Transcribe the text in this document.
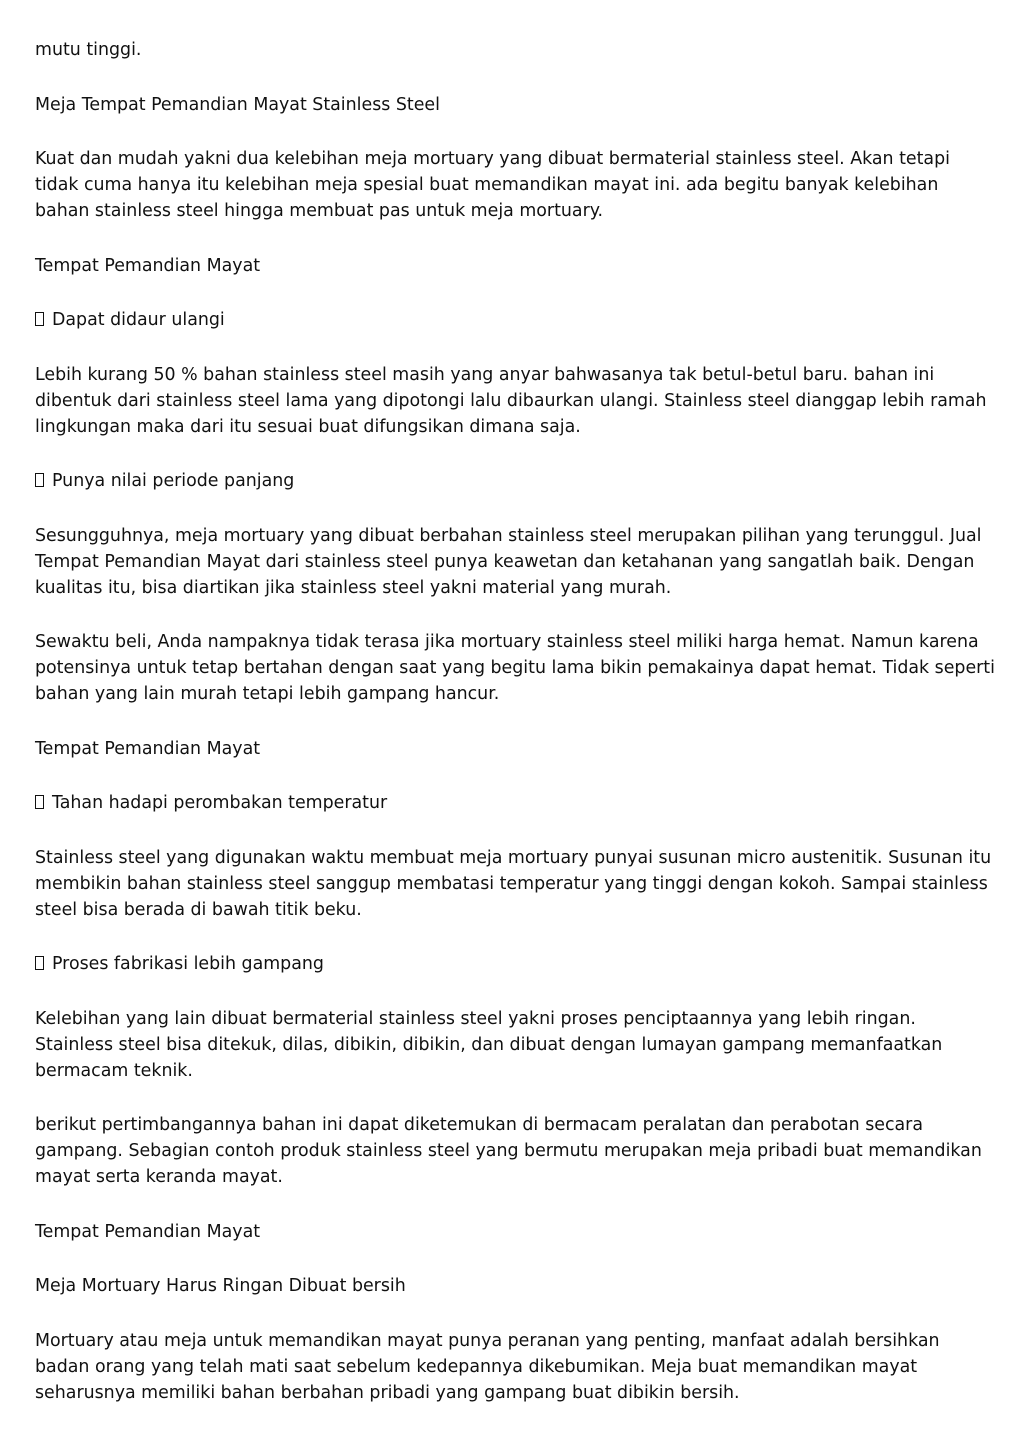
mutu tinggi.

Meja Tempat Pemandian Mayat Stainless Steel

Kuat dan mudah yakni dua kelebihan meja mortuary yang dibuat bermaterial stainless steel. Akan tetapi tidak cuma hanya itu kelebihan meja spesial buat memandikan mayat ini. ada begitu banyak kelebihan bahan stainless steel hingga membuat pas untuk meja mortuary.

Tempat Pemandian Mayat

Dapat didaur ulangi

Lebih kurang 50 % bahan stainless steel masih yang anyar bahwasanya tak betul-betul baru. bahan ini dibentuk dari stainless steel lama yang dipotongi lalu dibaurkan ulangi. Stainless steel dianggap lebih ramah lingkungan maka dari itu sesuai buat difungsikan dimana saja.

Punya nilai periode panjang

Sesungguhnya, meja mortuary yang dibuat berbahan stainless steel merupakan pilihan yang terunggul. Jual Tempat Pemandian Mayat dari stainless steel punya keawetan dan ketahanan yang sangatlah baik. Dengan kualitas itu, bisa diartikan jika stainless steel yakni material yang murah.

Sewaktu beli, Anda nampaknya tidak terasa jika mortuary stainless steel miliki harga hemat. Namun karena potensinya untuk tetap bertahan dengan saat yang begitu lama bikin pemakainya dapat hemat. Tidak seperti bahan yang lain murah tetapi lebih gampang hancur.

Tempat Pemandian Mayat

Tahan hadapi perombakan temperatur

Stainless steel yang digunakan waktu membuat meja mortuary punyai susunan micro austenitik. Susunan itu membikin bahan stainless steel sanggup membatasi temperatur yang tinggi dengan kokoh. Sampai stainless steel bisa berada di bawah titik beku.

Proses fabrikasi lebih gampang

Kelebihan yang lain dibuat bermaterial stainless steel yakni proses penciptaannya yang lebih ringan. Stainless steel bisa ditekuk, dilas, dibikin, dibikin, dan dibuat dengan lumayan gampang memanfaatkan bermacam teknik.

berikut pertimbangannya bahan ini dapat diketemukan di bermacam peralatan dan perabotan secara gampang. Sebagian contoh produk stainless steel yang bermutu merupakan meja pribadi buat memandikan mayat serta keranda mayat.

Tempat Pemandian Mayat

Meja Mortuary Harus Ringan Dibuat bersih

Mortuary atau meja untuk memandikan mayat punya peranan yang penting, manfaat adalah bersihkan badan orang yang telah mati saat sebelum kedepannya dikebumikan. Meja buat memandikan mayat seharusnya memiliki bahan berbahan pribadi yang gampang buat dibikin bersih.
